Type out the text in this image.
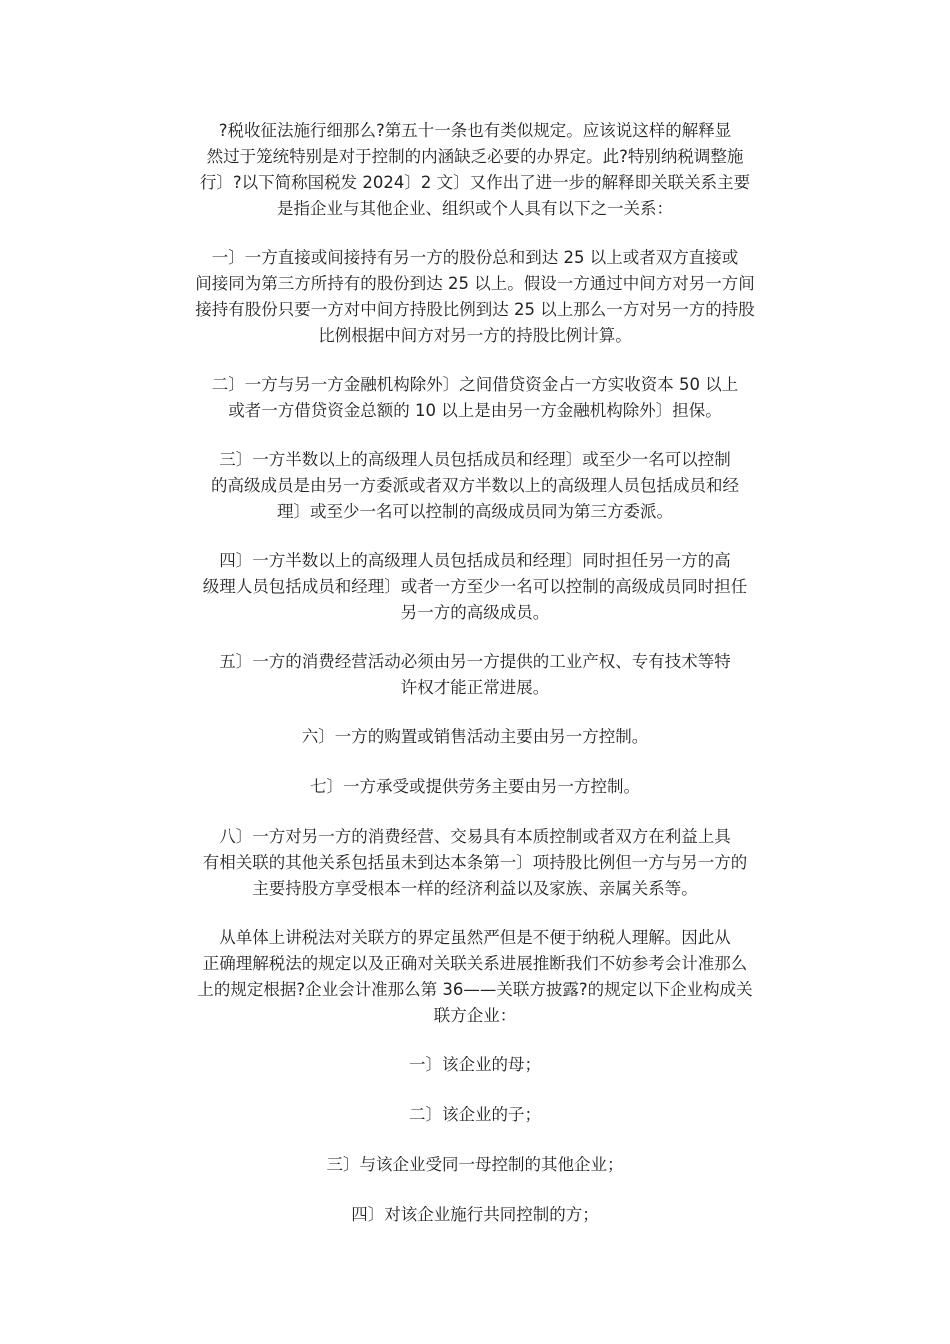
?税收征法施行细那么?第五十一条也有类似规定。应该说这样的解释显
然过于笼统特别是对于控制的内涵缺乏必要的办界定。此?特别纳税调整施
行〕?以下简称国税发 2024〕2 文〕又作出了进一步的解释即关联关系主要
是指企业与其他企业、组织或个人具有以下之一关系：

一〕一方直接或间接持有另一方的股份总和到达 25 以上或者双方直接或
间接同为第三方所持有的股份到达 25 以上。假设一方通过中间方对另一方间
接持有股份只要一方对中间方持股比例到达 25 以上那么一方对另一方的持股
比例根据中间方对另一方的持股比例计算。

二〕一方与另一方金融机构除外〕之间借贷资金占一方实收资本 50 以上
或者一方借贷资金总额的 10 以上是由另一方金融机构除外〕担保。

三〕一方半数以上的高级理人员包括成员和经理〕或至少一名可以控制
的高级成员是由另一方委派或者双方半数以上的高级理人员包括成员和经
理〕或至少一名可以控制的高级成员同为第三方委派。

四〕一方半数以上的高级理人员包括成员和经理〕同时担任另一方的高
级理人员包括成员和经理〕或者一方至少一名可以控制的高级成员同时担任
另一方的高级成员。

五〕一方的消费经营活动必须由另一方提供的工业产权、专有技术等特
许权才能正常进展。

六〕一方的购置或销售活动主要由另一方控制。

七〕一方承受或提供劳务主要由另一方控制。

八〕一方对另一方的消费经营、交易具有本质控制或者双方在利益上具
有相关联的其他关系包括虽未到达本条第一〕项持股比例但一方与另一方的
主要持股方享受根本一样的经济利益以及家族、亲属关系等。

从单体上讲税法对关联方的界定虽然严但是不便于纳税人理解。因此从
正确理解税法的规定以及正确对关联关系进展推断我们不妨参考会计准那么
上的规定根据?企业会计准那么第 36——关联方披露?的规定以下企业构成关
联方企业：

一〕该企业的母；

二〕该企业的子；

三〕与该企业受同一母控制的其他企业；

四〕对该企业施行共同控制的方；
